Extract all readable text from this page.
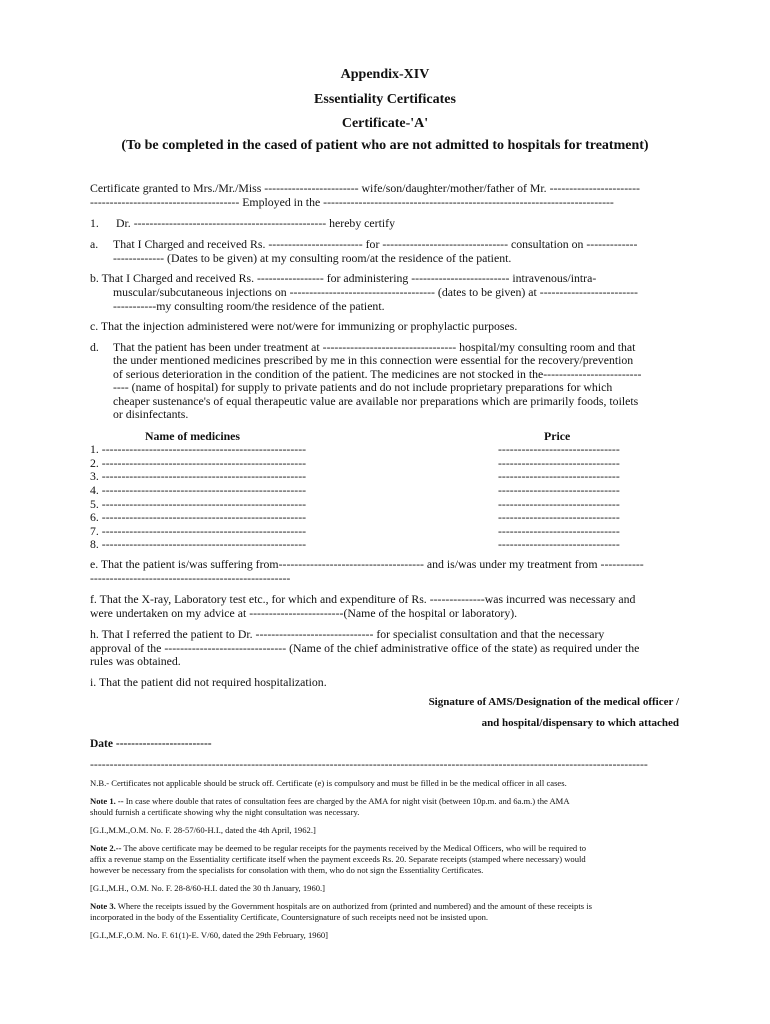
Appendix-XIV
Essentiality Certificates
Certificate-'A'
(To be completed in the cased of patient who are not admitted to hospitals for treatment)
Certificate granted to Mrs./Mr./Miss ------------------------ wife/son/daughter/mother/father of Mr. -----------------------
-------------------------------------- Employed in the --------------------------------------------------------------------------
1. Dr. ------------------------------------------------- hereby certify
a. That I Charged and received Rs. ------------------------ for -------------------------------- consultation on -------------
------------- (Dates to be given) at my consulting room/at the residence of the patient.
b. That I Charged and received Rs. ----------------- for administering ------------------------- intravenous/intra-
muscular/subcutaneous injections on ------------------------------------- (dates to be given) at -------------------------
-----------my consulting room/the residence of the patient.
c. That the injection administered were not/were for immunizing or prophylactic purposes.
d. That the patient has been under treatment at ---------------------------------- hospital/my consulting room and that
the under mentioned medicines prescribed by me in this connection were essential for the recovery/prevention
of serious deterioration in the condition of the patient. The medicines are not stocked in the-------------------------
---- (name of hospital) for supply to private patients and do not include proprietary preparations for which
cheaper sustenance's of equal therapeutic value are available nor preparations which are primarily foods, toilets
or disinfectants.
Name of medicines	Price
1. ----------------------------------------------------	-------------------------------
2. ----------------------------------------------------	-------------------------------
3. ----------------------------------------------------	-------------------------------
4. ----------------------------------------------------	-------------------------------
5. ----------------------------------------------------	-------------------------------
6. ----------------------------------------------------	-------------------------------
7. ----------------------------------------------------	-------------------------------
8. ----------------------------------------------------	-------------------------------
e. That the patient is/was suffering from------------------------------------- and is/was under my treatment from -----------
---------------------------------------------------
f. That the X-ray, Laboratory test etc., for which and expenditure of Rs. --------------was incurred was necessary and
were undertaken on my advice at ------------------------(Name of the hospital or laboratory).
h. That I referred the patient to Dr. ------------------------------ for specialist consultation and that the necessary
approval of the ------------------------------- (Name of the chief administrative office of the state) as required under the
rules was obtained.
i. That the patient did not required hospitalization.
Signature of AMS/Designation of the medical officer /
and hospital/dispensary to which attached
Date -------------------------
----------------------------------------------------------------------------------------------------------------------------------------------
N.B.- Certificates not applicable should be struck off. Certificate (e) is compulsory and must be filled in be the medical officer in all cases.
Note 1. -- In case where double that rates of consultation fees are charged by the AMA for night visit (between 10p.m. and 6a.m.) the AMA
should furnish a certificate showing why the night consultation was necessary.
[G.I.,M.M.,O.M. No. F. 28-57/60-H.I., dated the 4th April, 1962.]
Note 2.-- The above certificate may be deemed to be regular receipts for the payments received by the Medical Officers, who will be required to
affix a revenue stamp on the Essentiality certificate itself when the payment exceeds Rs. 20. Separate receipts (stamped where necessary) would
however be necessary from the specialists for consolation with them, who do not sign the Essentiality Certificates.
[G.I.,M.H., O.M. No. F. 28-8/60-H.I. dated the 30 th January, 1960.]
Note 3. Where the receipts issued by the Government hospitals are on authorized from (printed and numbered) and the amount of these receipts is
incorporated in the body of the Essentiality Certificate, Countersignature of such receipts need not be insisted upon.
[G.I.,M.F.,O.M. No. F. 61(1)-E. V/60, dated the 29th February, 1960]
